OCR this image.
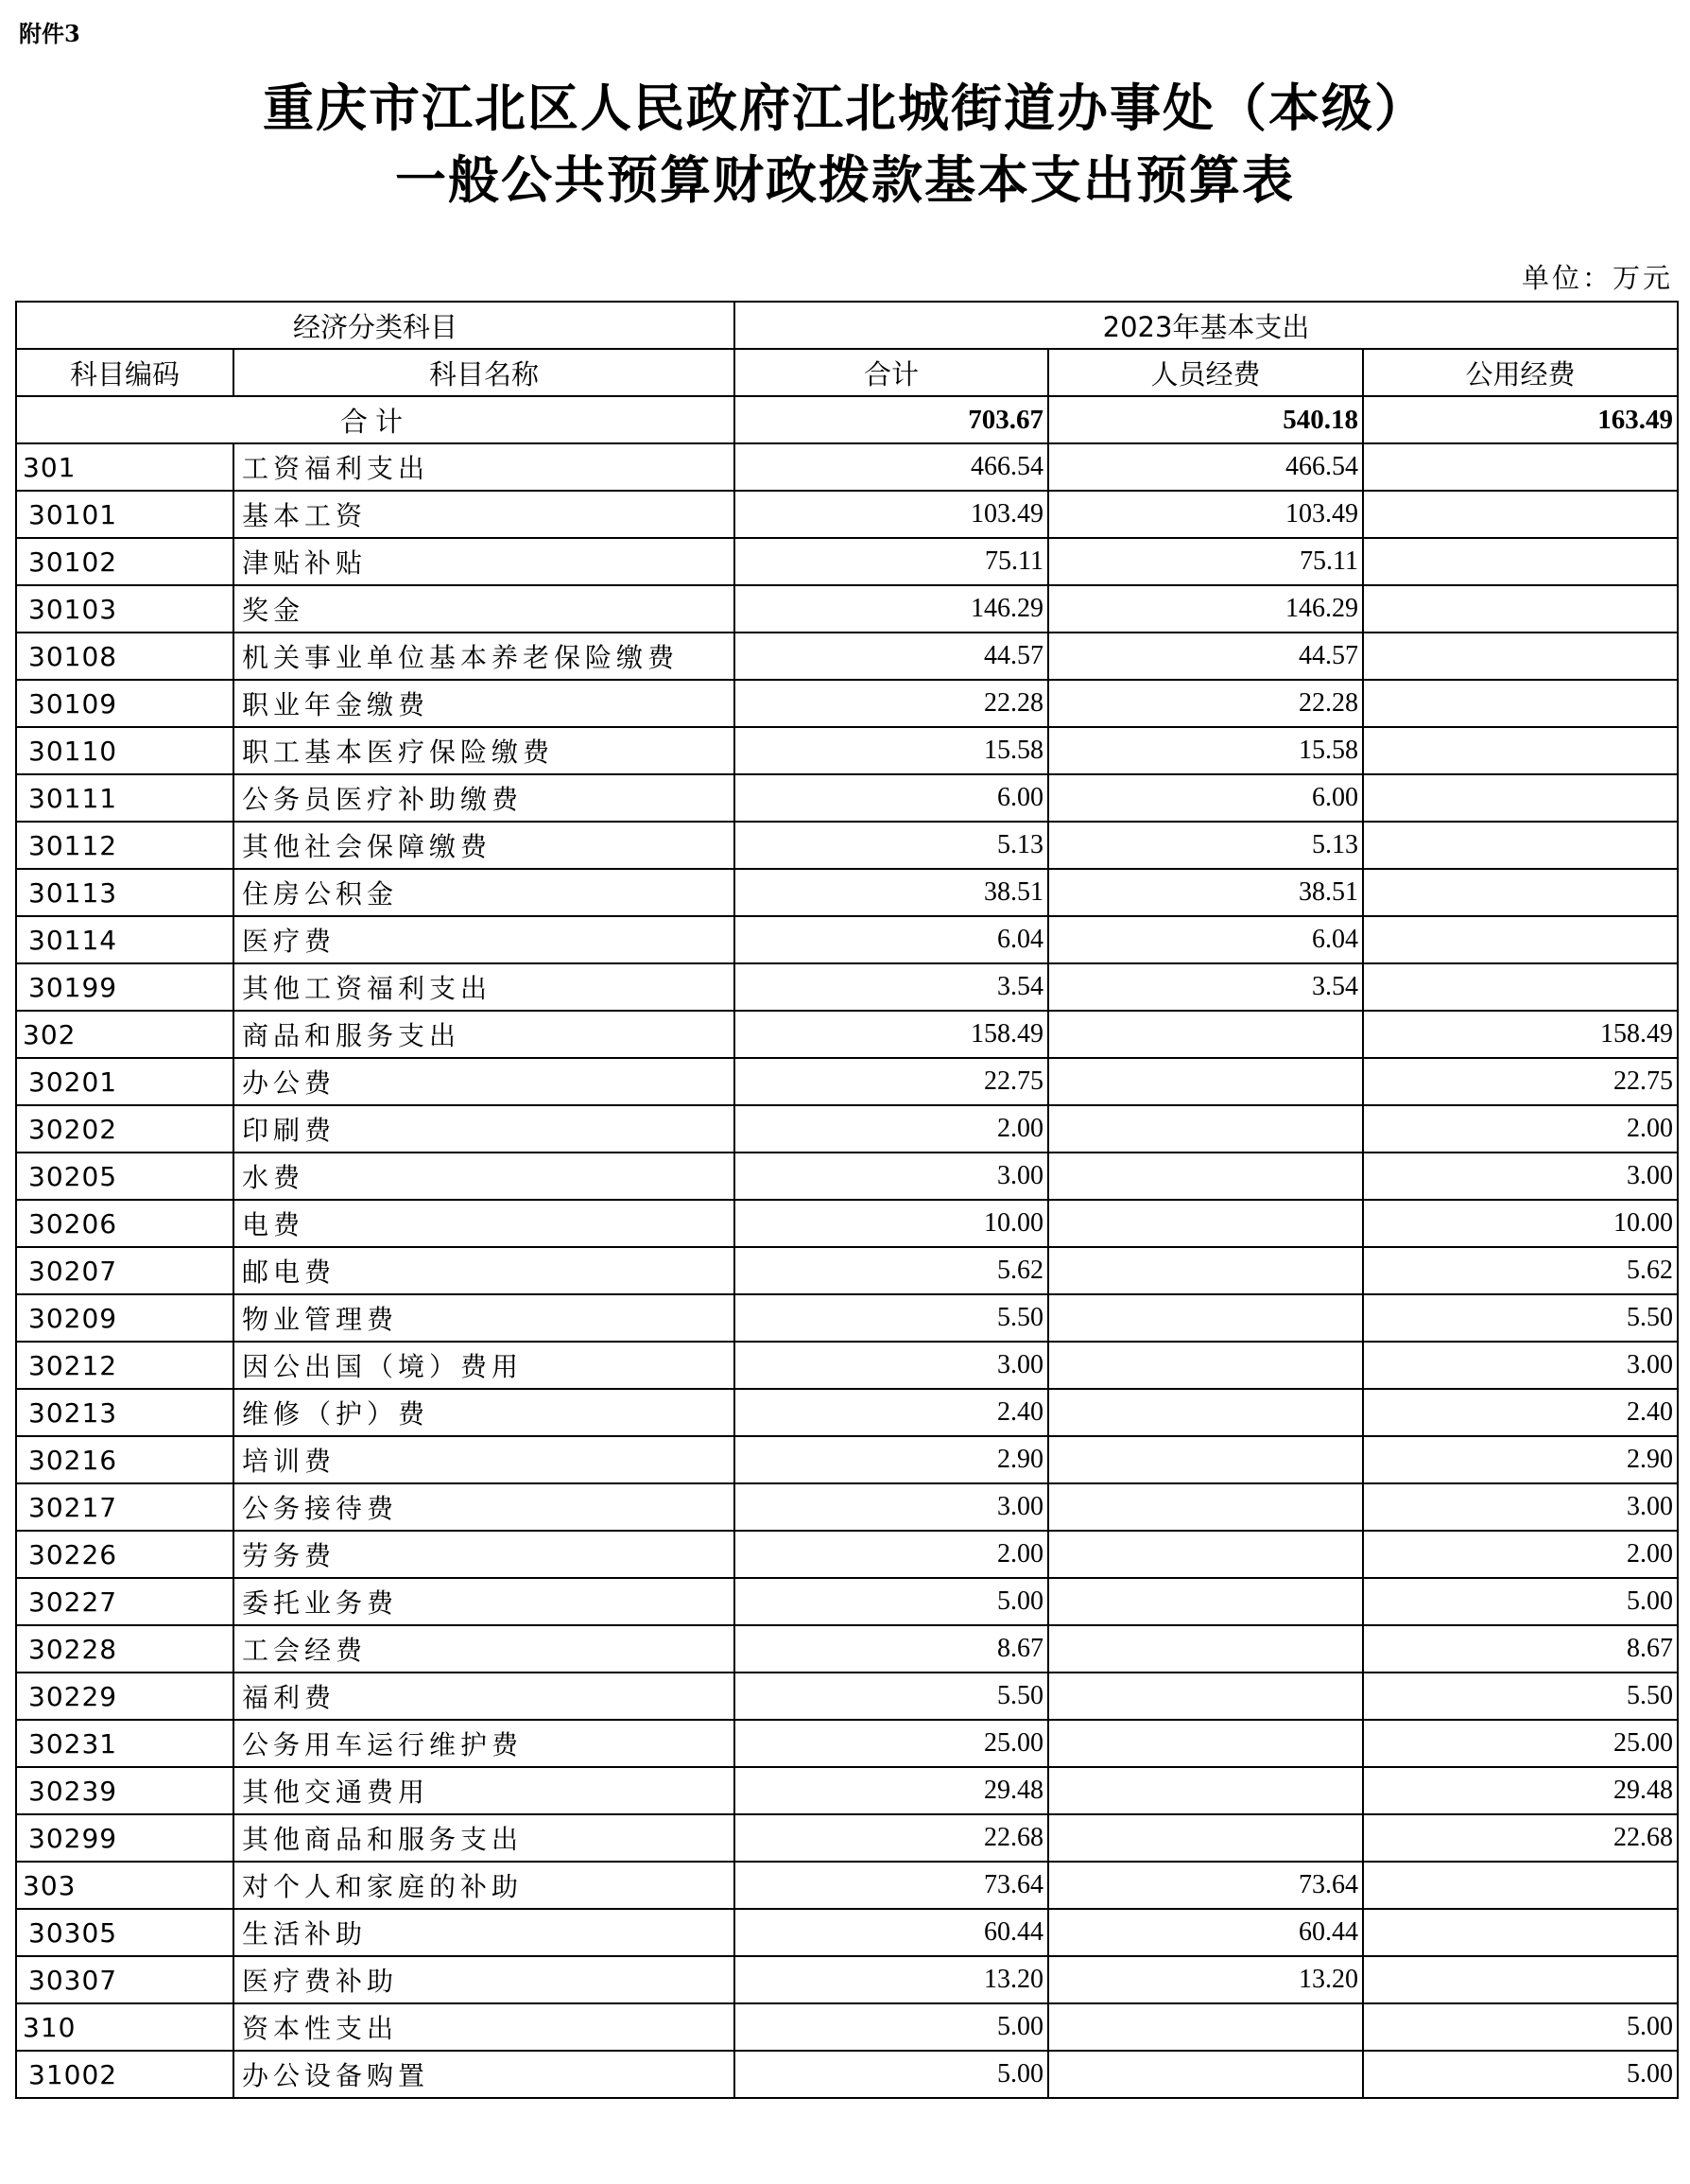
附件3
重庆市江北区人民政府江北城街道办事处（本级）
一般公共预算财政拨款基本支出预算表
单位：万元
经济分类科目		2023年基本支出		
科目编码	科目名称	合计	人员经费	公用经费
合计		703.67	540.18	163.49
301	工资福利支出	466.54	466.54	
30101	基本工资	103.49	103.49	
30102	津贴补贴	75.11	75.11	
30103	奖金	146.29	146.29	
30108	机关事业单位基本养老保险缴费	44.57	44.57	
30109	职业年金缴费	22.28	22.28	
30110	职工基本医疗保险缴费	15.58	15.58	
30111	公务员医疗补助缴费	6.00	6.00	
30112	其他社会保障缴费	5.13	5.13	
30113	住房公积金	38.51	38.51	
30114	医疗费	6.04	6.04	
30199	其他工资福利支出	3.54	3.54	
302	商品和服务支出	158.49		158.49
30201	办公费	22.75		22.75
30202	印刷费	2.00		2.00
30205	水费	3.00		3.00
30206	电费	10.00		10.00
30207	邮电费	5.62		5.62
30209	物业管理费	5.50		5.50
30212	因公出国（境）费用	3.00		3.00
30213	维修（护）费	2.40		2.40
30216	培训费	2.90		2.90
30217	公务接待费	3.00		3.00
30226	劳务费	2.00		2.00
30227	委托业务费	5.00		5.00
30228	工会经费	8.67		8.67
30229	福利费	5.50		5.50
30231	公务用车运行维护费	25.00		25.00
30239	其他交通费用	29.48		29.48
30299	其他商品和服务支出	22.68		22.68
303	对个人和家庭的补助	73.64	73.64	
30305	生活补助	60.44	60.44	
30307	医疗费补助	13.20	13.20	
310	资本性支出	5.00		5.00
31002	办公设备购置	5.00		5.00
